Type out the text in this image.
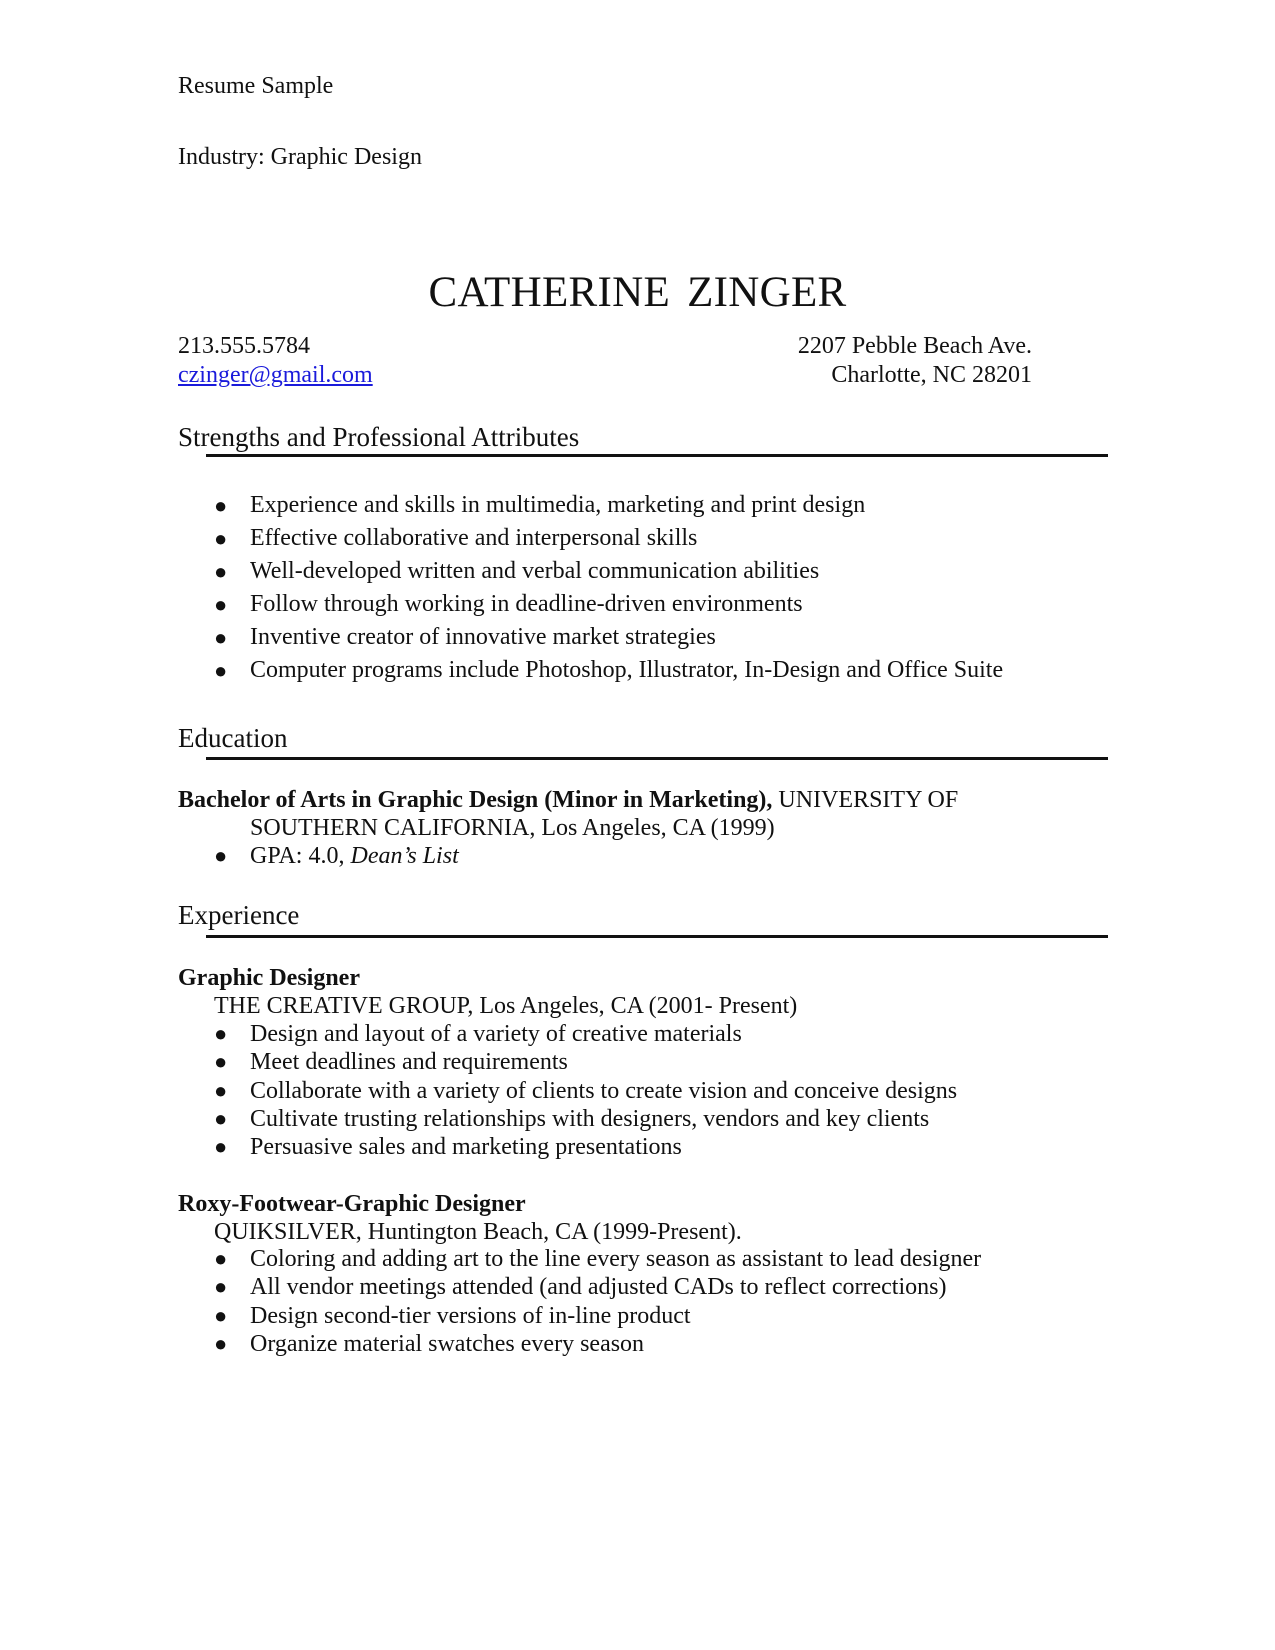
Resume Sample
Industry: Graphic Design
CATHERINE ZINGER
213.555.5784
czinger@gmail.com
2207 Pebble Beach Ave.
Charlotte, NC 28201
Strengths and Professional Attributes
● Experience and skills in multimedia, marketing and print design
● Effective collaborative and interpersonal skills
● Well-developed written and verbal communication abilities
● Follow through working in deadline-driven environments
● Inventive creator of innovative market strategies
● Computer programs include Photoshop, Illustrator, In-Design and Office Suite
Education
Bachelor of Arts in Graphic Design (Minor in Marketing), UNIVERSITY OF
SOUTHERN CALIFORNIA, Los Angeles, CA (1999)
● GPA: 4.0, Dean’s List
Experience
Graphic Designer
THE CREATIVE GROUP, Los Angeles, CA (2001- Present)
● Design and layout of a variety of creative materials
● Meet deadlines and requirements
● Collaborate with a variety of clients to create vision and conceive designs
● Cultivate trusting relationships with designers, vendors and key clients
● Persuasive sales and marketing presentations
Roxy-Footwear-Graphic Designer
QUIKSILVER, Huntington Beach, CA (1999-Present).
● Coloring and adding art to the line every season as assistant to lead designer
● All vendor meetings attended (and adjusted CADs to reflect corrections)
● Design second-tier versions of in-line product
● Organize material swatches every season
